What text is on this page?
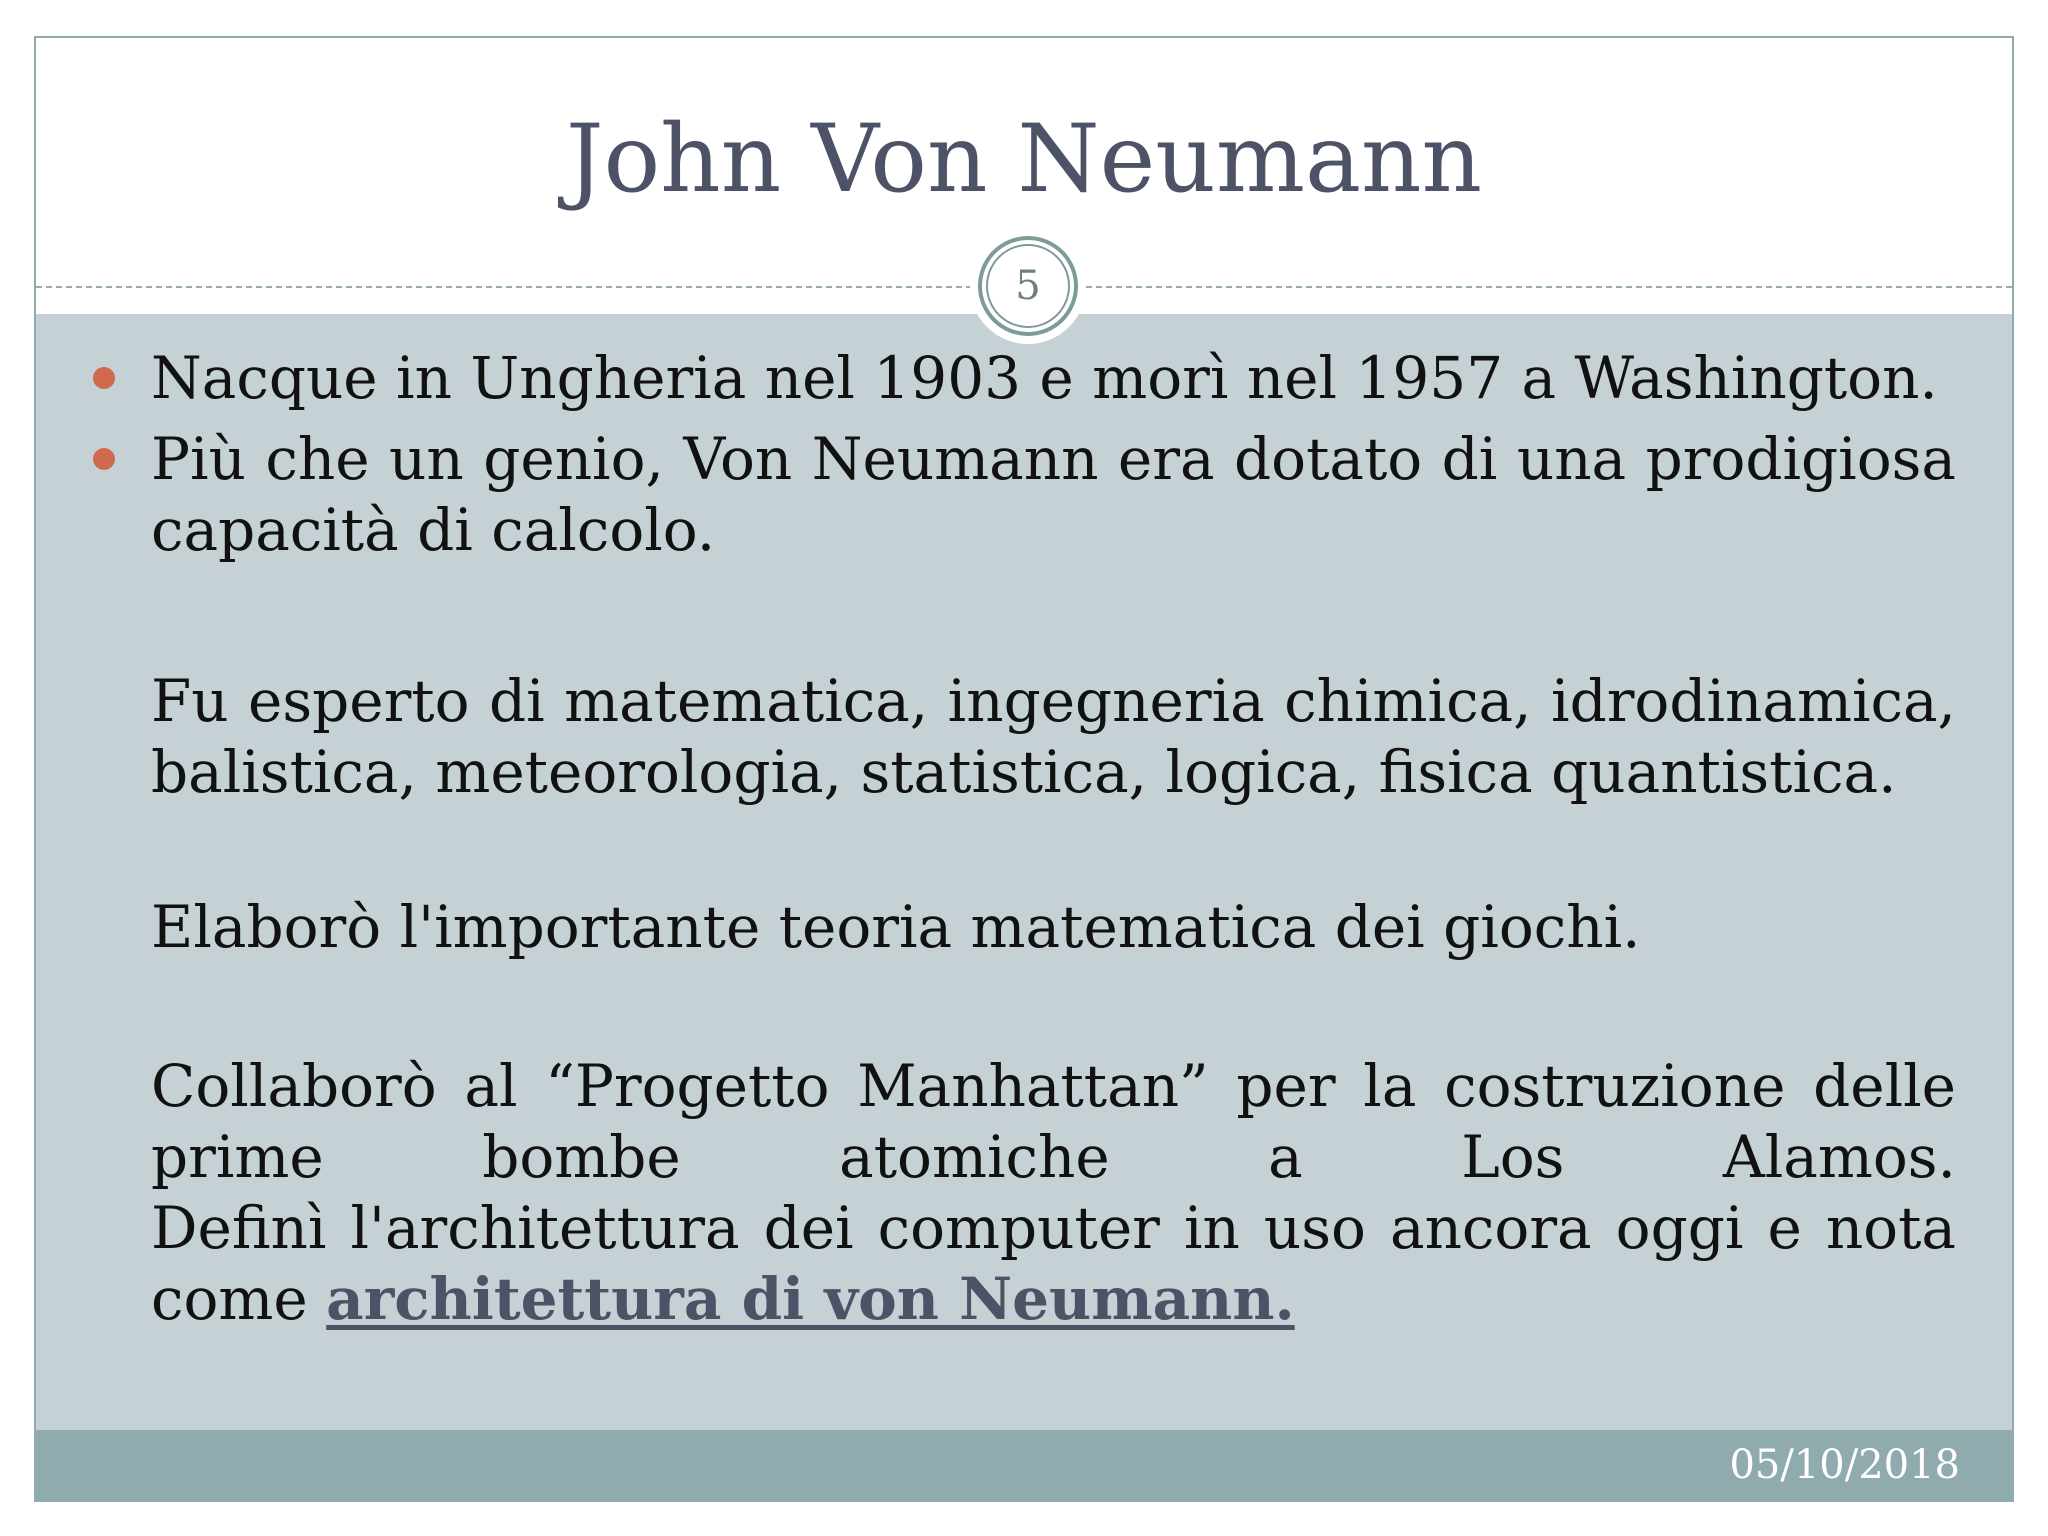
John Von Neumann
5
Nacque in Ungheria nel 1903 e morì nel 1957 a Washington.

Più che un genio, Von Neumann era dotato di una prodigiosa capacità di calcolo.

Fu esperto di matematica, ingegneria chimica, idrodinamica, balistica, meteorologia, statistica, logica, fisica quantistica.

Elaborò l'importante teoria matematica dei giochi.

Collaborò al “Progetto Manhattan” per la costruzione delle prime bombe atomiche a Los Alamos.

Definì l'architettura dei computer in uso ancora oggi e nota come architettura di von Neumann.

05/10/2018
